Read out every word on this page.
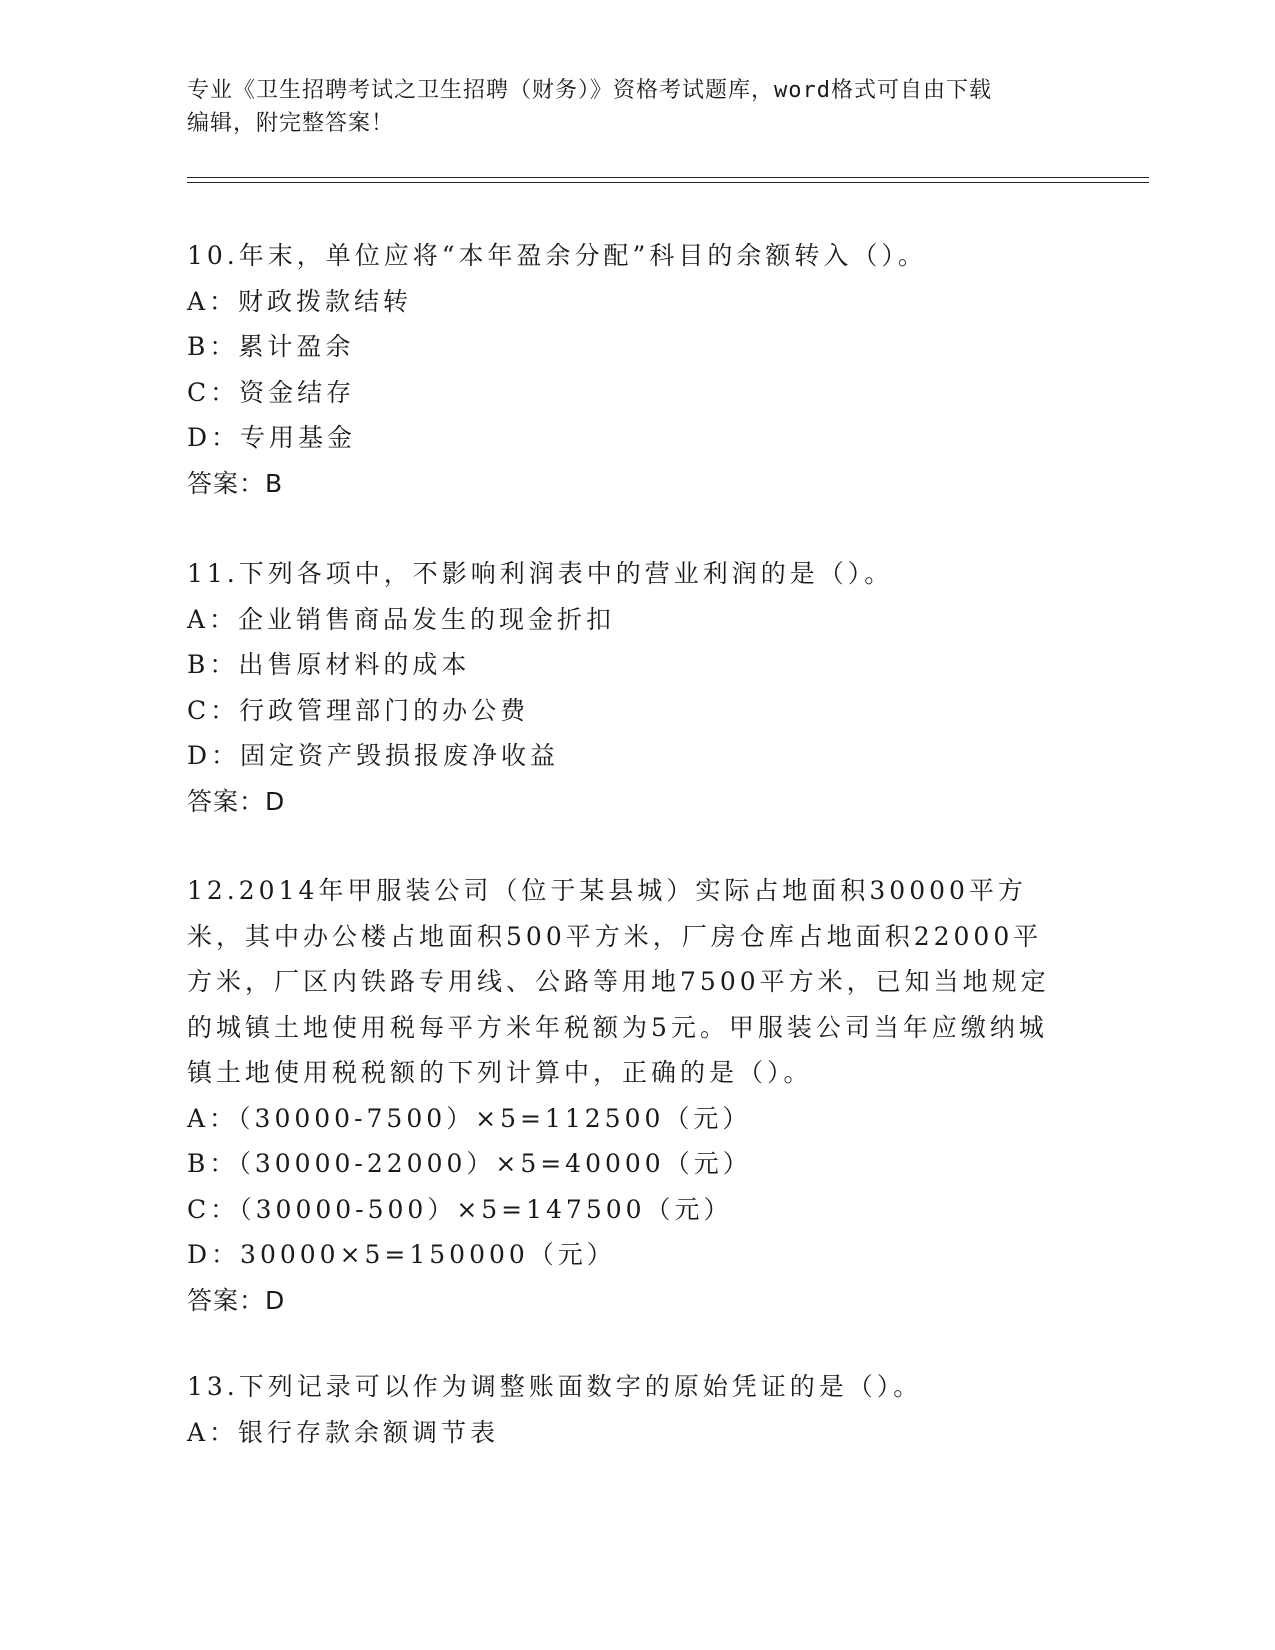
专业《卫生招聘考试之卫生招聘（财务）》资格考试题库，word格式可自由下载
编辑，附完整答案！

10.年末，单位应将“本年盈余分配”科目的余额转入（）。

A：财政拨款结转

B：累计盈余

C：资金结存

D：专用基金

答案：B

11.下列各项中，不影响利润表中的营业利润的是（）。

A：企业销售商品发生的现金折扣

B：出售原材料的成本

C：行政管理部门的办公费

D：固定资产毁损报废净收益

答案：D

12.2014年甲服装公司（位于某县城）实际占地面积30000平方米，其中办公楼占地面积500平方米，厂房仓库占地面积22000平方米，厂区内铁路专用线、公路等用地7500平方米，已知当地规定的城镇土地使用税每平方米年税额为5元。甲服装公司当年应缴纳城镇土地使用税税额的下列计算中，正确的是（）。

A：（30000-7500）×5=112500（元）

B：（30000-22000）×5=40000（元）

C：（30000-500）×5=147500（元）

D：30000×5=150000（元）

答案：D

13.下列记录可以作为调整账面数字的原始凭证的是（）。

A：银行存款余额调节表
